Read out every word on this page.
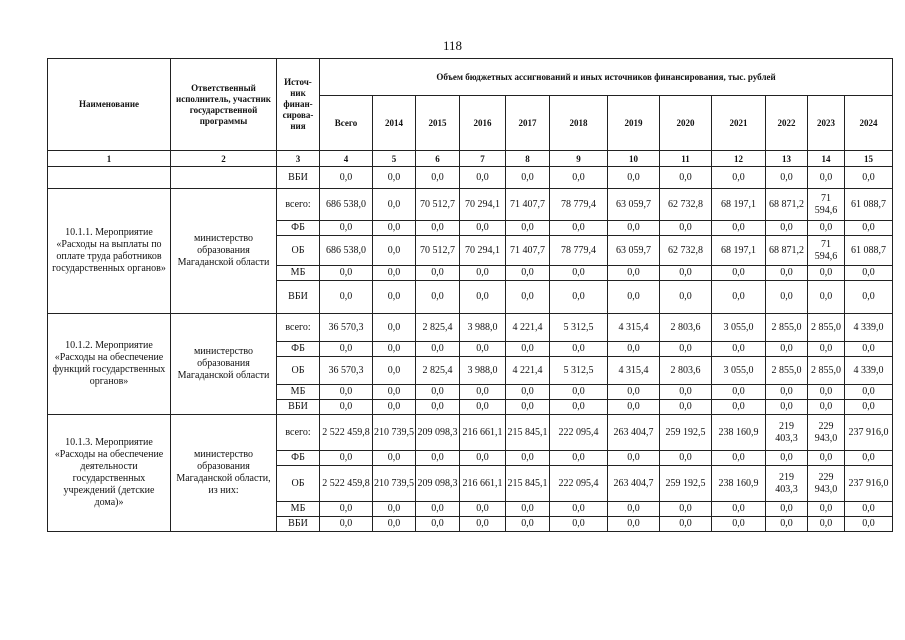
118
Наименование	Ответственный исполнитель, участник государственной программы	Источ-ник финан-сирова-ния	Объем бюджетных ассигнований и иных источников финансирования, тыс. рублей											
			Всего	2014	2015	2016	2017	2018	2019	2020	2021	2022	2023	2024
1	2	3	4	5	6	7	8	9	10	11	12	13	14	15
		ВБИ	0,0	0,0	0,0	0,0	0,0	0,0	0,0	0,0	0,0	0,0	0,0	0,0
10.1.1. Мероприятие «Расходы на выплаты по оплате труда работников государственных органов»	министерство образования Магаданской области	всего:	686 538,0	0,0	70 512,7	70 294,1	71 407,7	78 779,4	63 059,7	62 732,8	68 197,1	68 871,2	71 594,6	61 088,7
		ФБ	0,0	0,0	0,0	0,0	0,0	0,0	0,0	0,0	0,0	0,0	0,0	0,0
		ОБ	686 538,0	0,0	70 512,7	70 294,1	71 407,7	78 779,4	63 059,7	62 732,8	68 197,1	68 871,2	71 594,6	61 088,7
		МБ	0,0	0,0	0,0	0,0	0,0	0,0	0,0	0,0	0,0	0,0	0,0	0,0
		ВБИ	0,0	0,0	0,0	0,0	0,0	0,0	0,0	0,0	0,0	0,0	0,0	0,0
10.1.2. Мероприятие «Расходы на обеспечение функций государственных органов»	министерство образования Магаданской области	всего:	36 570,3	0,0	2 825,4	3 988,0	4 221,4	5 312,5	4 315,4	2 803,6	3 055,0	2 855,0	2 855,0	4 339,0
		ФБ	0,0	0,0	0,0	0,0	0,0	0,0	0,0	0,0	0,0	0,0	0,0	0,0
		ОБ	36 570,3	0,0	2 825,4	3 988,0	4 221,4	5 312,5	4 315,4	2 803,6	3 055,0	2 855,0	2 855,0	4 339,0
		МБ	0,0	0,0	0,0	0,0	0,0	0,0	0,0	0,0	0,0	0,0	0,0	0,0
		ВБИ	0,0	0,0	0,0	0,0	0,0	0,0	0,0	0,0	0,0	0,0	0,0	0,0
10.1.3. Мероприятие «Расходы на обеспечение деятельности государственных учреждений (детские дома)»	министерство образования Магаданской области, из них:	всего:	2 522 459,8	210 739,5	209 098,3	216 661,1	215 845,1	222 095,4	263 404,7	259 192,5	238 160,9	219 403,3	229 943,0	237 916,0
		ФБ	0,0	0,0	0,0	0,0	0,0	0,0	0,0	0,0	0,0	0,0	0,0	0,0
		ОБ	2 522 459,8	210 739,5	209 098,3	216 661,1	215 845,1	222 095,4	263 404,7	259 192,5	238 160,9	219 403,3	229 943,0	237 916,0
		МБ	0,0	0,0	0,0	0,0	0,0	0,0	0,0	0,0	0,0	0,0	0,0	0,0
		ВБИ	0,0	0,0	0,0	0,0	0,0	0,0	0,0	0,0	0,0	0,0	0,0	0,0
